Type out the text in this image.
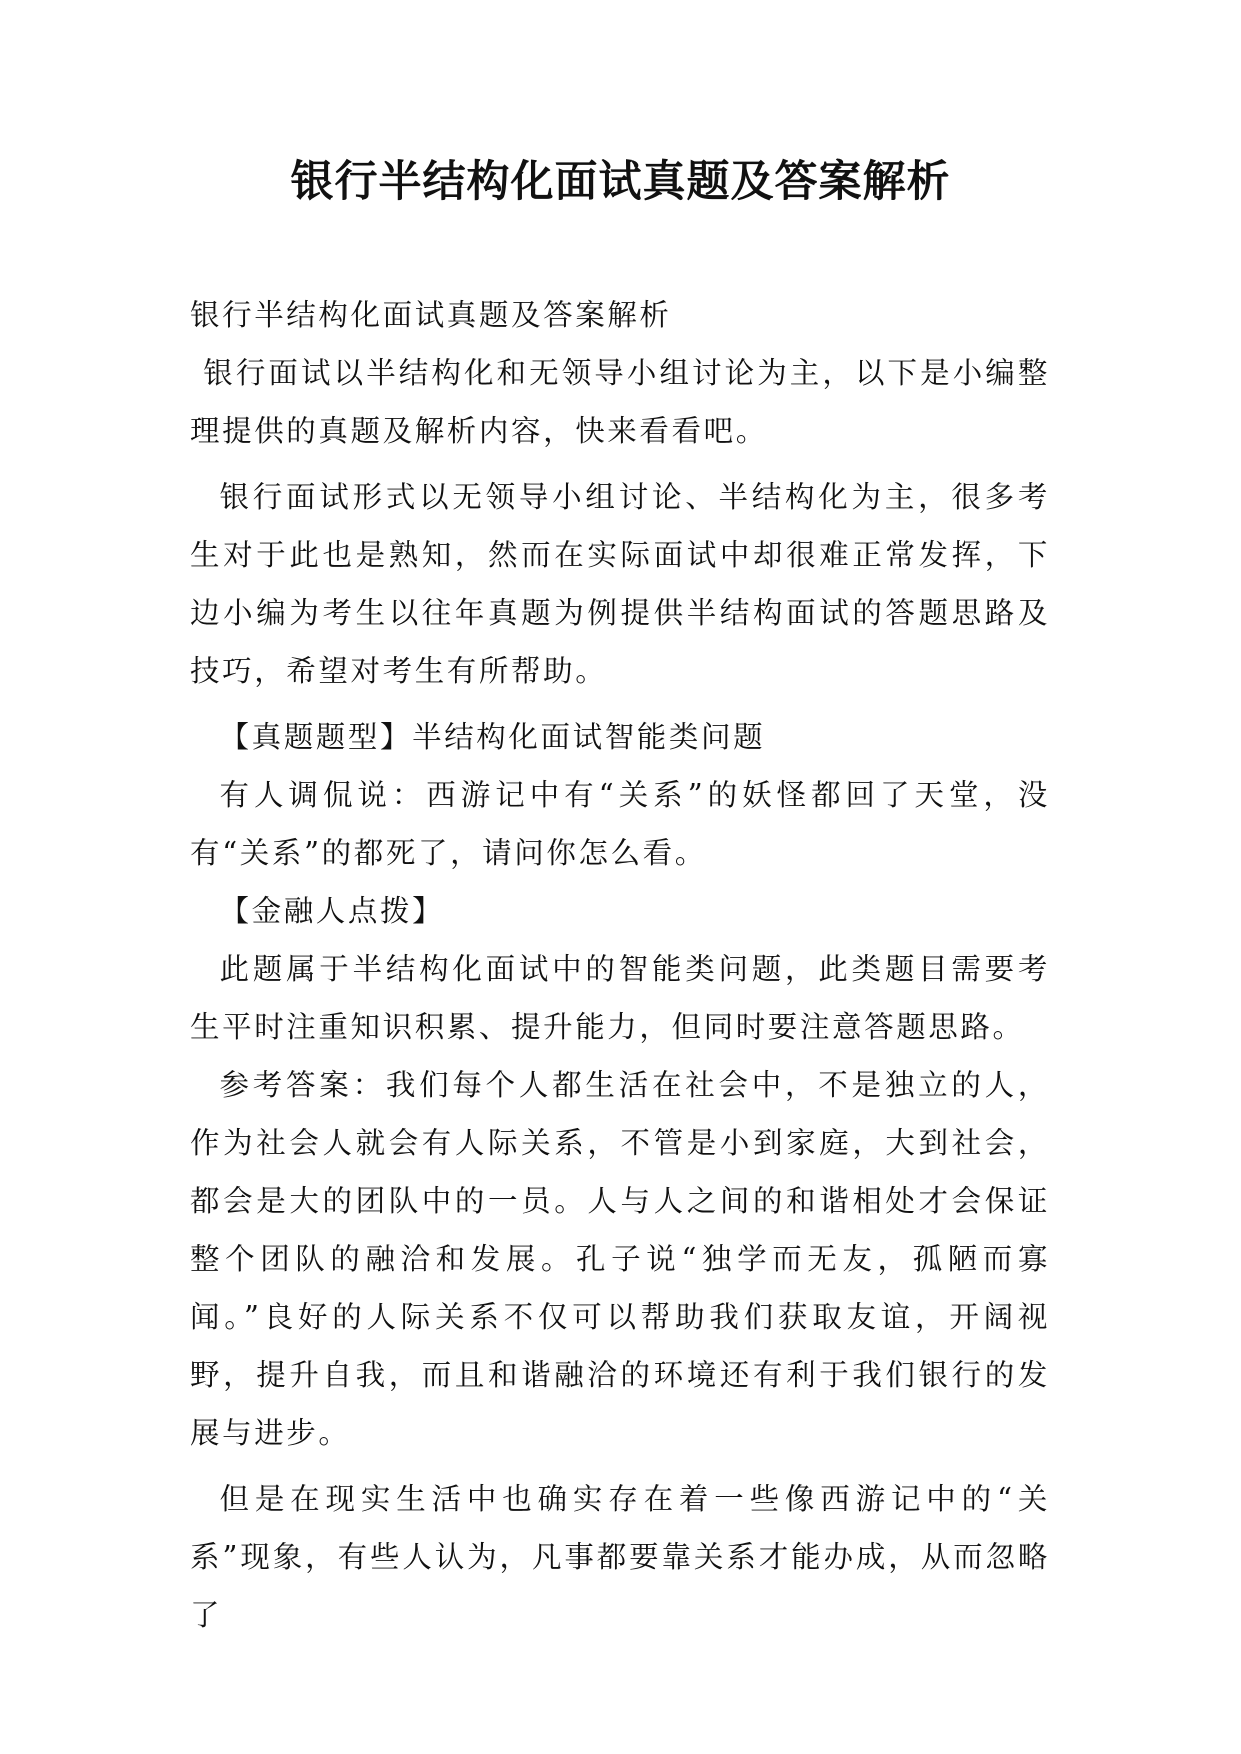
银行半结构化面试真题及答案解析

银行半结构化面试真题及答案解析

银行面试以半结构化和无领导小组讨论为主，以下是小编整理提供的真题及解析内容，快来看看吧。

银行面试形式以无领导小组讨论、半结构化为主，很多考生对于此也是熟知，然而在实际面试中却很难正常发挥，下边小编为考生以往年真题为例提供半结构面试的答题思路及技巧，希望对考生有所帮助。

【真题题型】半结构化面试智能类问题

有人调侃说：西游记中有“关系”的妖怪都回了天堂，没有“关系”的都死了，请问你怎么看。

【金融人点拨】

此题属于半结构化面试中的智能类问题，此类题目需要考生平时注重知识积累、提升能力，但同时要注意答题思路。

参考答案：我们每个人都生活在社会中，不是独立的人，作为社会人就会有人际关系，不管是小到家庭，大到社会，都会是大的团队中的一员。人与人之间的和谐相处才会保证整个团队的融洽和发展。孔子说“独学而无友，孤陋而寡闻。”良好的人际关系不仅可以帮助我们获取友谊，开阔视野，提升自我，而且和谐融洽的环境还有利于我们银行的发展与进步。

但是在现实生活中也确实存在着一些像西游记中的“关系”现象，有些人认为，凡事都要靠关系才能办成，从而忽略了
